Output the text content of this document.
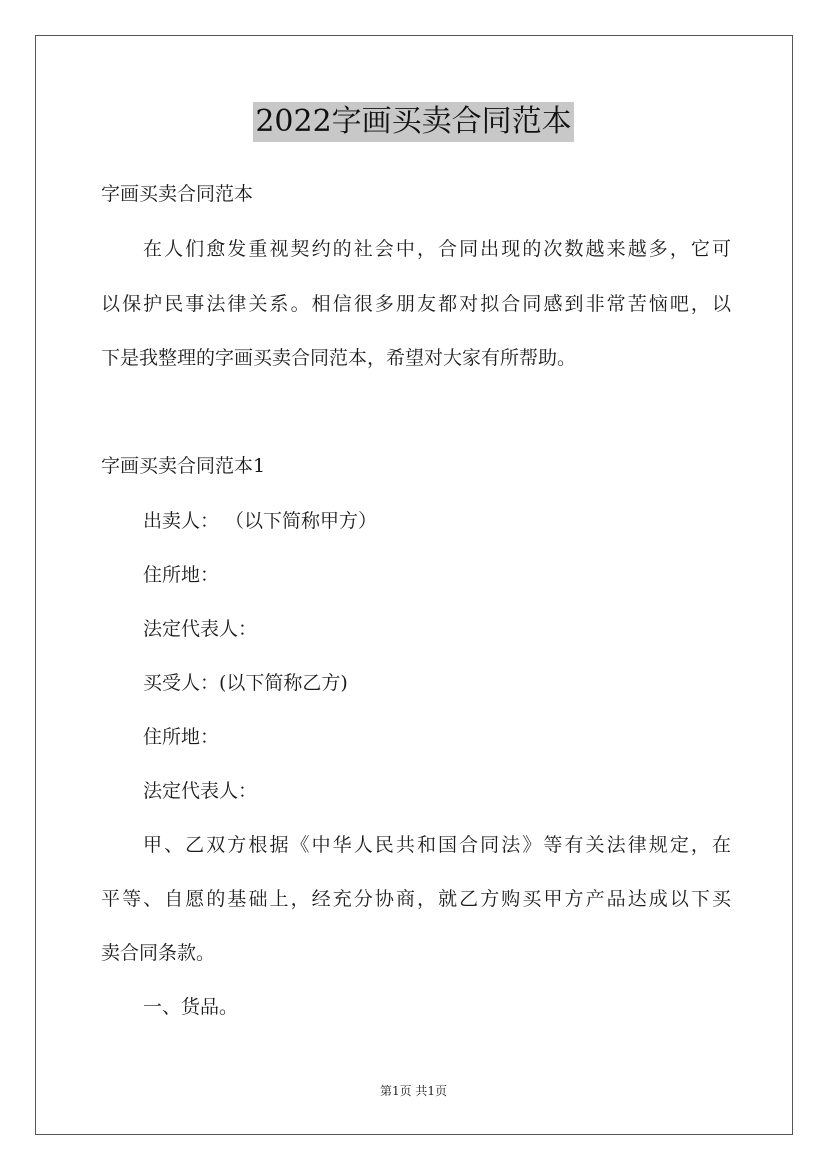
2022字画买卖合同范本
字画买卖合同范本
在人们愈发重视契约的社会中，合同出现的次数越来越多，它可
以保护民事法律关系。相信很多朋友都对拟合同感到非常苦恼吧，以
下是我整理的字画买卖合同范本，希望对大家有所帮助。
字画买卖合同范本1
出卖人： （以下简称甲方）
住所地：
法定代表人：
买受人：(以下简称乙方)
住所地：
法定代表人：
甲、乙双方根据《中华人民共和国合同法》等有关法律规定，在
平等、自愿的基础上，经充分协商，就乙方购买甲方产品达成以下买
卖合同条款。
一、货品。
第1页 共1页
